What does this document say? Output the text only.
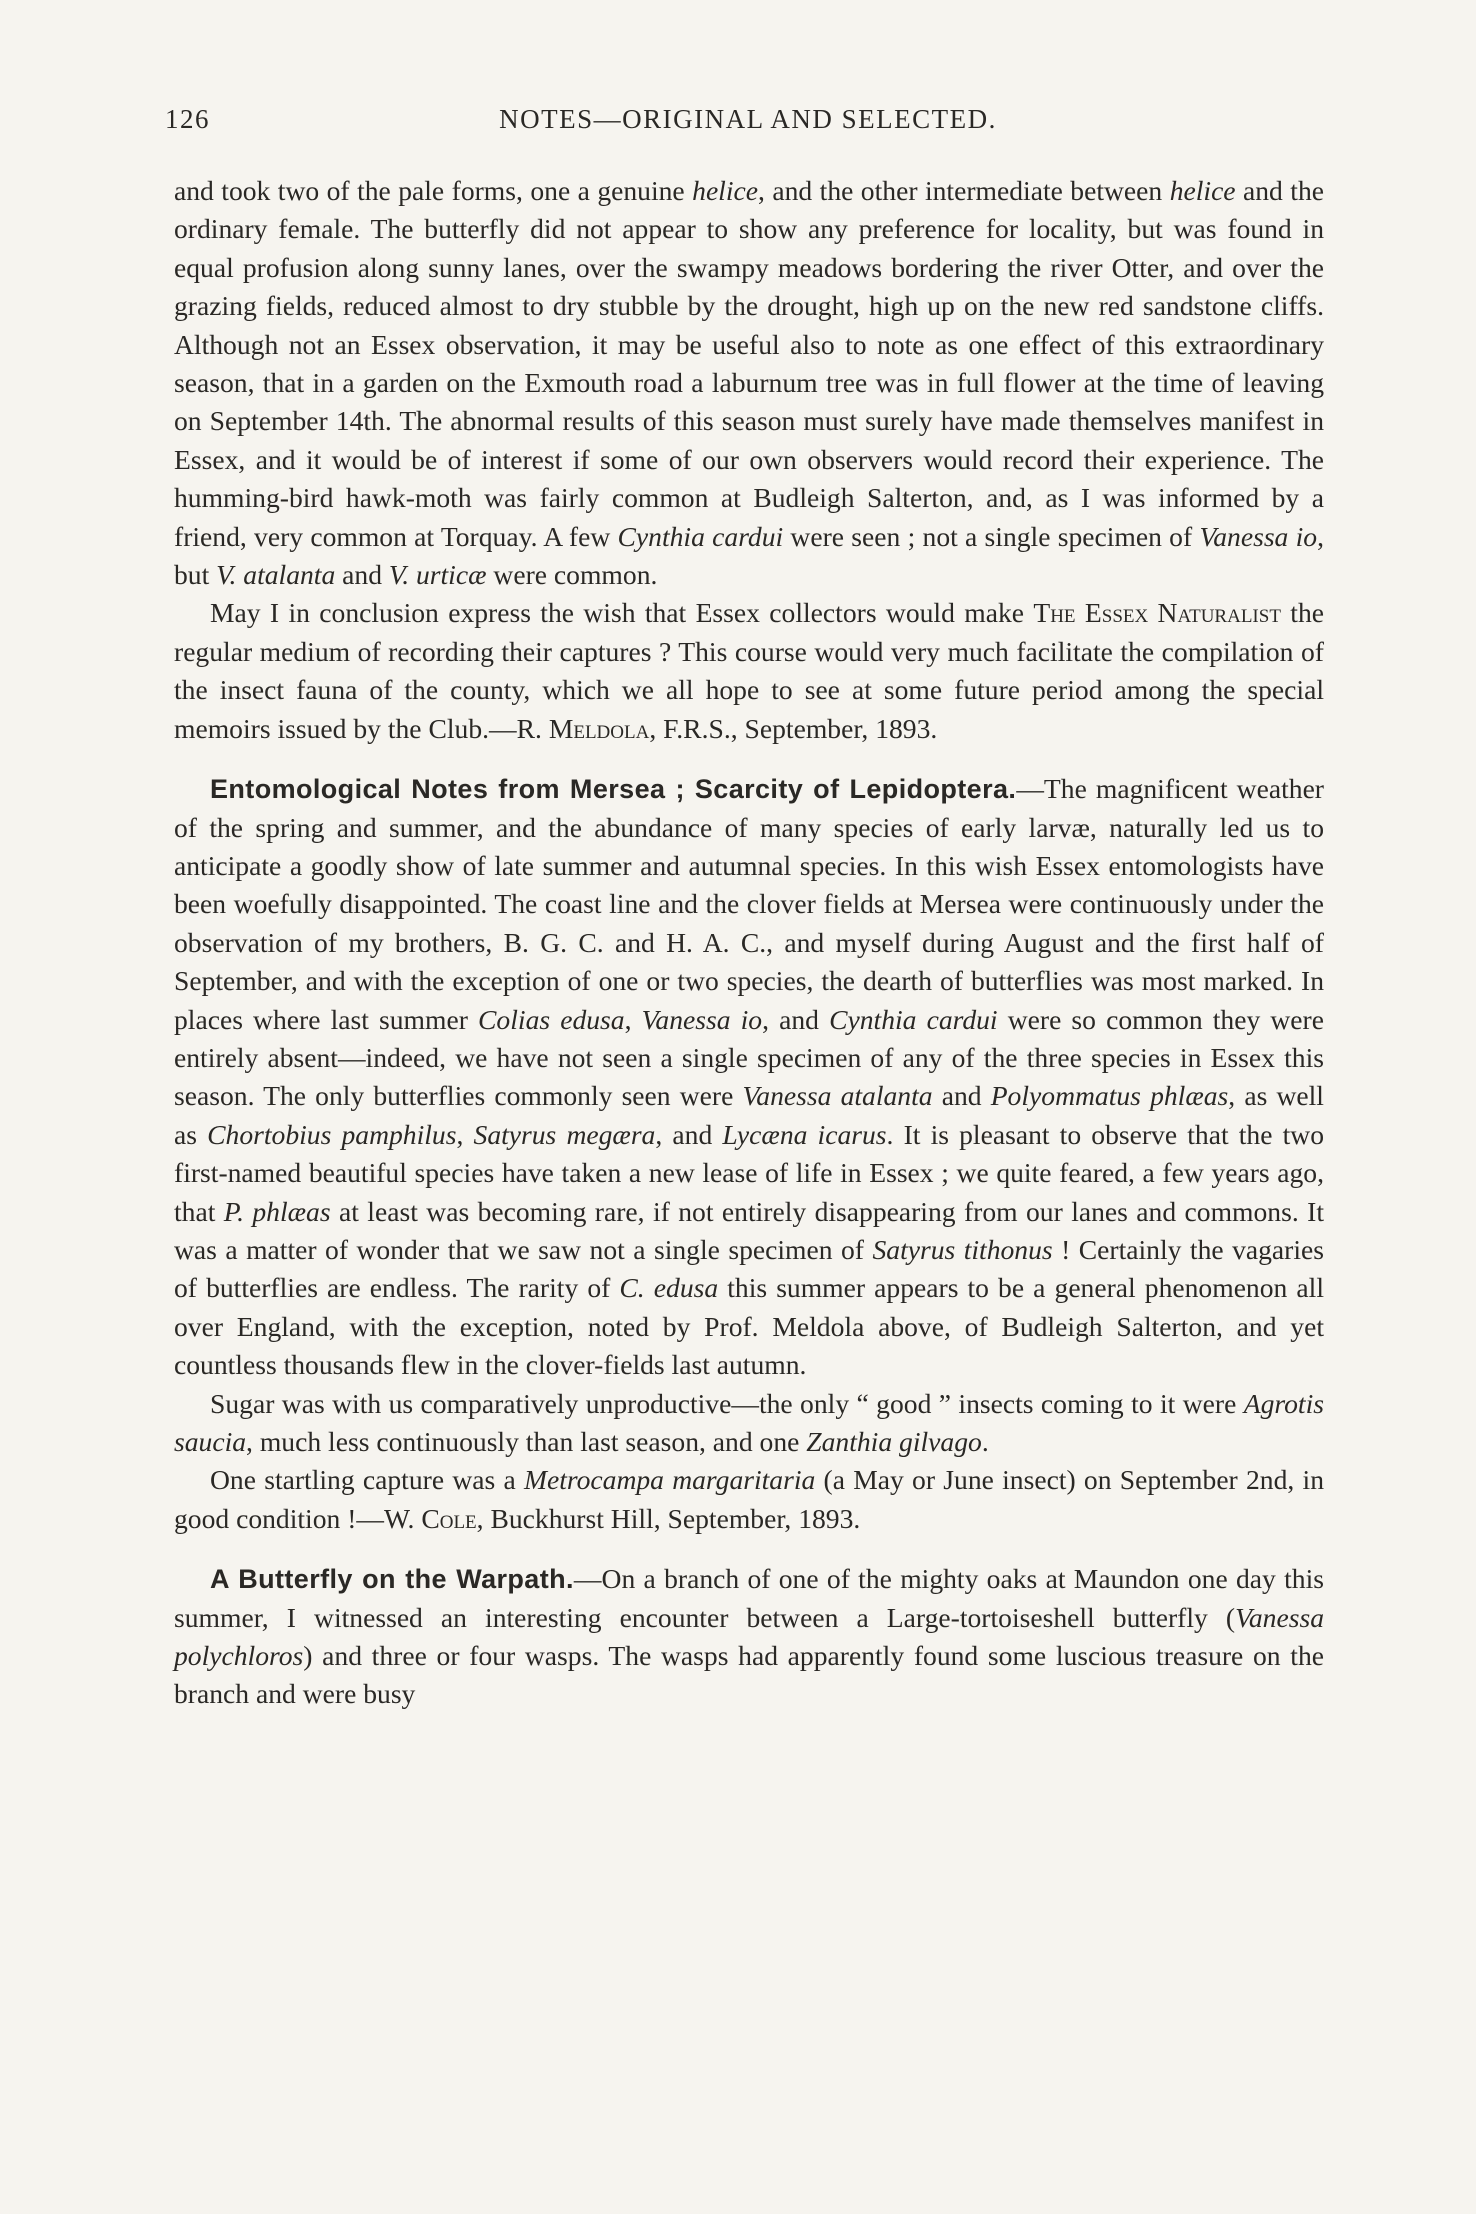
126	NOTES—ORIGINAL AND SELECTED.

and took two of the pale forms, one a genuine helice, and the other intermediate between helice and the ordinary female. The butterfly did not appear to show any preference for locality, but was found in equal profusion along sunny lanes, over the swampy meadows bordering the river Otter, and over the grazing fields, reduced almost to dry stubble by the drought, high up on the new red sandstone cliffs. Although not an Essex observation, it may be useful also to note as one effect of this extraordinary season, that in a garden on the Exmouth road a laburnum tree was in full flower at the time of leaving on September 14th. The abnormal results of this season must surely have made themselves manifest in Essex, and it would be of interest if some of our own observers would record their experience. The humming-bird hawk-moth was fairly common at Budleigh Salterton, and, as I was informed by a friend, very common at Torquay. A few Cynthia cardui were seen ; not a single specimen of Vanessa io, but V. atalanta and V. urticæ were common.

May I in conclusion express the wish that Essex collectors would make The Essex Naturalist the regular medium of recording their captures ? This course would very much facilitate the compilation of the insect fauna of the county, which we all hope to see at some future period among the special memoirs issued by the Club.—R. Meldola, F.R.S., September, 1893.

Entomological Notes from Mersea ; Scarcity of Lepidoptera.—The magnificent weather of the spring and summer, and the abundance of many species of early larvæ, naturally led us to anticipate a goodly show of late summer and autumnal species. In this wish Essex entomologists have been woefully disappointed. The coast line and the clover fields at Mersea were continuously under the observation of my brothers, B. G. C. and H. A. C., and myself during August and the first half of September, and with the exception of one or two species, the dearth of butterflies was most marked. In places where last summer Colias edusa, Vanessa io, and Cynthia cardui were so common they were entirely absent—indeed, we have not seen a single specimen of any of the three species in Essex this season. The only butterflies commonly seen were Vanessa atalanta and Polyommatus phlæas, as well as Chortobius pamphilus, Satyrus megæra, and Lycæna icarus. It is pleasant to observe that the two first-named beautiful species have taken a new lease of life in Essex ; we quite feared, a few years ago, that P. phlæas at least was becoming rare, if not entirely disappearing from our lanes and commons. It was a matter of wonder that we saw not a single specimen of Satyrus tithonus ! Certainly the vagaries of butterflies are endless. The rarity of C. edusa this summer appears to be a general phenomenon all over England, with the exception, noted by Prof. Meldola above, of Budleigh Salterton, and yet countless thousands flew in the clover-fields last autumn.

Sugar was with us comparatively unproductive—the only “ good ” insects coming to it were Agrotis saucia, much less continuously than last season, and one Zanthia gilvago.

One startling capture was a Metrocampa margaritaria (a May or June insect) on September 2nd, in good condition !—W. Cole, Buckhurst Hill, September, 1893.

A Butterfly on the Warpath.—On a branch of one of the mighty oaks at Maundon one day this summer, I witnessed an interesting encounter between a Large-tortoiseshell butterfly (Vanessa polychloros) and three or four wasps. The wasps had apparently found some luscious treasure on the branch and were busy
